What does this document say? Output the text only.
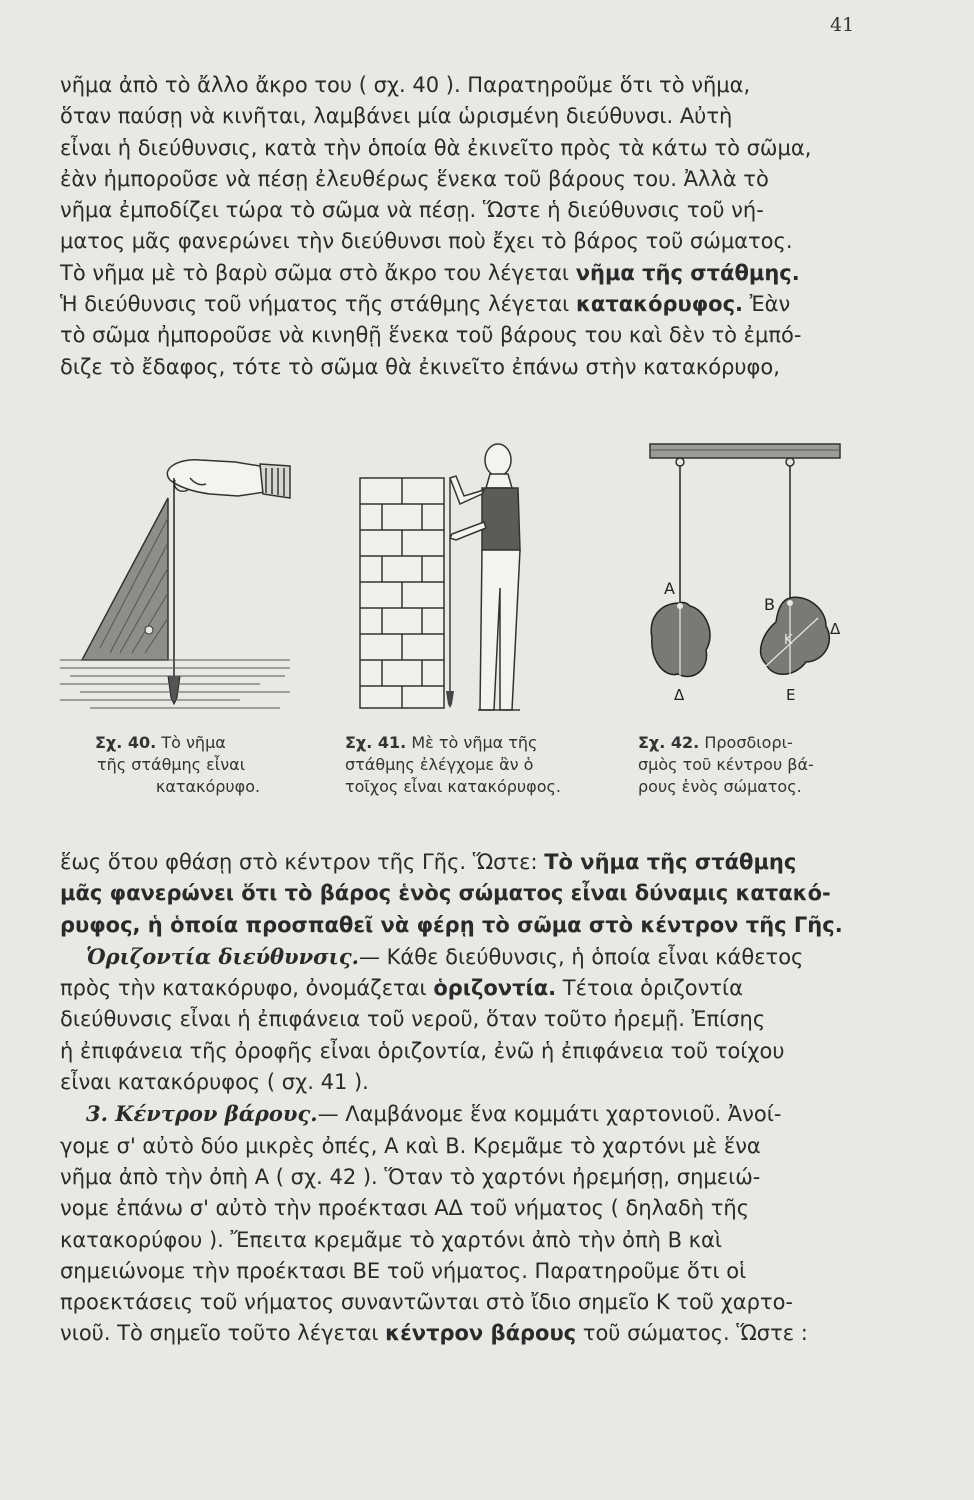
41
νῆμα ἀπὸ τὸ ἄλλο ἄκρο του ( σχ. 40 ). Παρατηροῦμε ὅτι τὸ νῆμα,
ὅταν παύσῃ νὰ κινῆται, λαμβάνει μία ὡρισμένη διεύθυνσι. Αὐτὴ
εἶναι ἡ διεύθυνσις, κατὰ τὴν ὁποία θὰ ἐκινεῖτο πρὸς τὰ κάτω τὸ σῶμα,
ἐὰν ἠμποροῦσε νὰ πέσῃ ἐλευθέρως ἕνεκα τοῦ βάρους του. Ἀλλὰ τὸ
νῆμα ἐμποδίζει τώρα τὸ σῶμα νὰ πέσῃ. Ὥστε ἡ διεύθυνσις τοῦ νή-
ματος μᾶς φανερώνει τὴν διεύθυνσι ποὺ ἔχει τὸ βάρος τοῦ σώματος.
Τὸ νῆμα μὲ τὸ βαρὺ σῶμα στὸ ἄκρο του λέγεται νῆμα τῆς στάθμης.
Ἡ διεύθυνσις τοῦ νήματος τῆς στάθμης λέγεται κατακόρυφος. Ἐὰν
τὸ σῶμα ἠμποροῦσε νὰ κινηθῇ ἕνεκα τοῦ βάρους του καὶ δὲν τὸ ἐμπό-
διζε τὸ ἔδαφος, τότε τὸ σῶμα θὰ ἐκινεῖτο ἐπάνω στὴν κατακόρυφο,
Α
Β
Δ
Δ
Ε
Κ
Σχ. 40. Τὸ νῆμα
τῆς στάθμης εἶναι
κατακόρυφο.
Σχ. 41. Μὲ τὸ νῆμα τῆς
στάθμης ἐλέγχομε ἂν ὁ
τοῖχος εἶναι κατακόρυφος.
Σχ. 42. Προσδιορι-
σμὸς τοῦ κέντρου βά-
ρους ἑνὸς σώματος.
ἕως ὅτου φθάσῃ στὸ κέντρον τῆς Γῆς. Ὥστε: Τὸ νῆμα τῆς στάθμης
μᾶς φανερώνει ὅτι τὸ βάρος ἑνὸς σώματος εἶναι δύναμις κατακό-
ρυφος, ἡ ὁποία προσπαθεῖ νὰ φέρῃ τὸ σῶμα στὸ κέντρον τῆς Γῆς.
Ὁριζοντία διεύθυνσις.— Κάθε διεύθυνσις, ἡ ὁποία εἶναι κάθετος
πρὸς τὴν κατακόρυφο, ὀνομάζεται ὁριζοντία. Τέτοια ὁριζοντία
διεύθυνσις εἶναι ἡ ἐπιφάνεια τοῦ νεροῦ, ὅταν τοῦτο ἠρεμῇ. Ἐπίσης
ἡ ἐπιφάνεια τῆς ὀροφῆς εἶναι ὁριζοντία, ἐνῶ ἡ ἐπιφάνεια τοῦ τοίχου
εἶναι κατακόρυφος ( σχ. 41 ).
3. Κέντρον βάρους.— Λαμβάνομε ἕνα κομμάτι χαρτονιοῦ. Ἀνοί-
γομε σ' αὐτὸ δύο μικρὲς ὀπές, Α καὶ Β. Κρεμᾶμε τὸ χαρτόνι μὲ ἕνα
νῆμα ἀπὸ τὴν ὀπὴ Α ( σχ. 42 ). Ὅταν τὸ χαρτόνι ἠρεμήσῃ, σημειώ-
νομε ἐπάνω σ' αὐτὸ τὴν προέκτασι ΑΔ τοῦ νήματος ( δηλαδὴ τῆς
κατακορύφου ). Ἔπειτα κρεμᾶμε τὸ χαρτόνι ἀπὸ τὴν ὀπὴ Β καὶ
σημειώνομε τὴν προέκτασι ΒΕ τοῦ νήματος. Παρατηροῦμε ὅτι οἱ
προεκτάσεις τοῦ νήματος συναντῶνται στὸ ἴδιο σημεῖο Κ τοῦ χαρτο-
νιοῦ. Τὸ σημεῖο τοῦτο λέγεται κέντρον βάρους τοῦ σώματος. Ὥστε :
